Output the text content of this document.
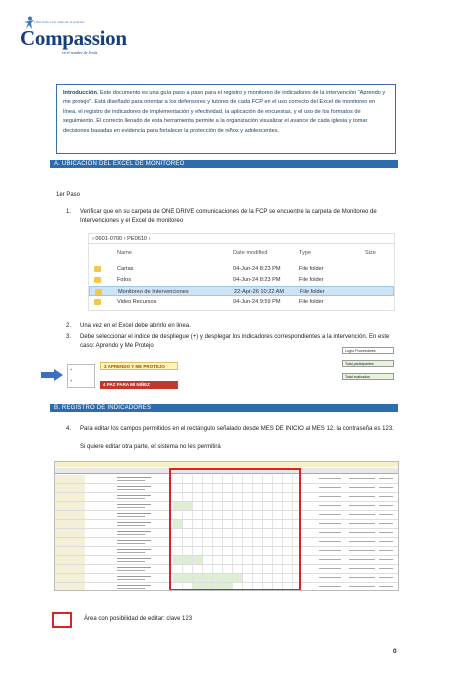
Liberando a los niños de la pobreza
Compassion
en el nombre de Jesús
Introducción. Este documento es una guía paso a paso para el registro y monitoreo de indicadores de la intervención “Aprendo y me protejo”. Está diseñado para orientar a los defensores y tutores de cada FCP en el uso correcto del Excel de monitoreo en línea, el registro de indicadores de implementación y efectividad, la aplicación de encuestas, y el uso de los formatos de seguimiento. El correcto llenado de esta herramienta permite a la organización visualizar el avance de cada iglesia y tomar decisiones basadas en evidencia para fortalecer la protección de niños y adolescentes.
A. UBICACIÓN DEL EXCEL DE MONITOREO
1er Paso
1. Verificar que en su carpeta de ONE DRIVE comunicaciones de la FCP se encuentre la carpeta de Monitoreo de Intervenciones y el Excel de monitoreo
› 0601-0700 › PE0610 ›
Name	Date modified	Type	Size
Cartas	04-Jun-24 8:23 PM	File folder
Fotos	04-Jun-24 8:23 PM	File folder
Monitoreo de Intervenciones	22-Apr-26 10:22 AM	File folder
Video Recursos	04-Jun-24 9:59 PM	File folder
2. Una vez en el Excel debe abrirlo en linea.
3. Debe seleccionar el indice de despliegue (+) y desplegar los indicadores correspondientes a la intervención. En este caso: Aprendo y Me Protejo
+
+
3 APRENDO Y ME PROTEJO
4 PAZ PARA MI NIÑEZ
Logro Proveedores
Total participantes
Total evaluados
B. REGISTRO DE INDICADORES
4. Para editar los campos permitidos en el rectángulo señalado desde MES DE INICIO al MES 12, la contraseña es 123.
Si quiere editar otra parte, el sistema no les permitirá
Área con posibilidad de editar: clave 123
0
